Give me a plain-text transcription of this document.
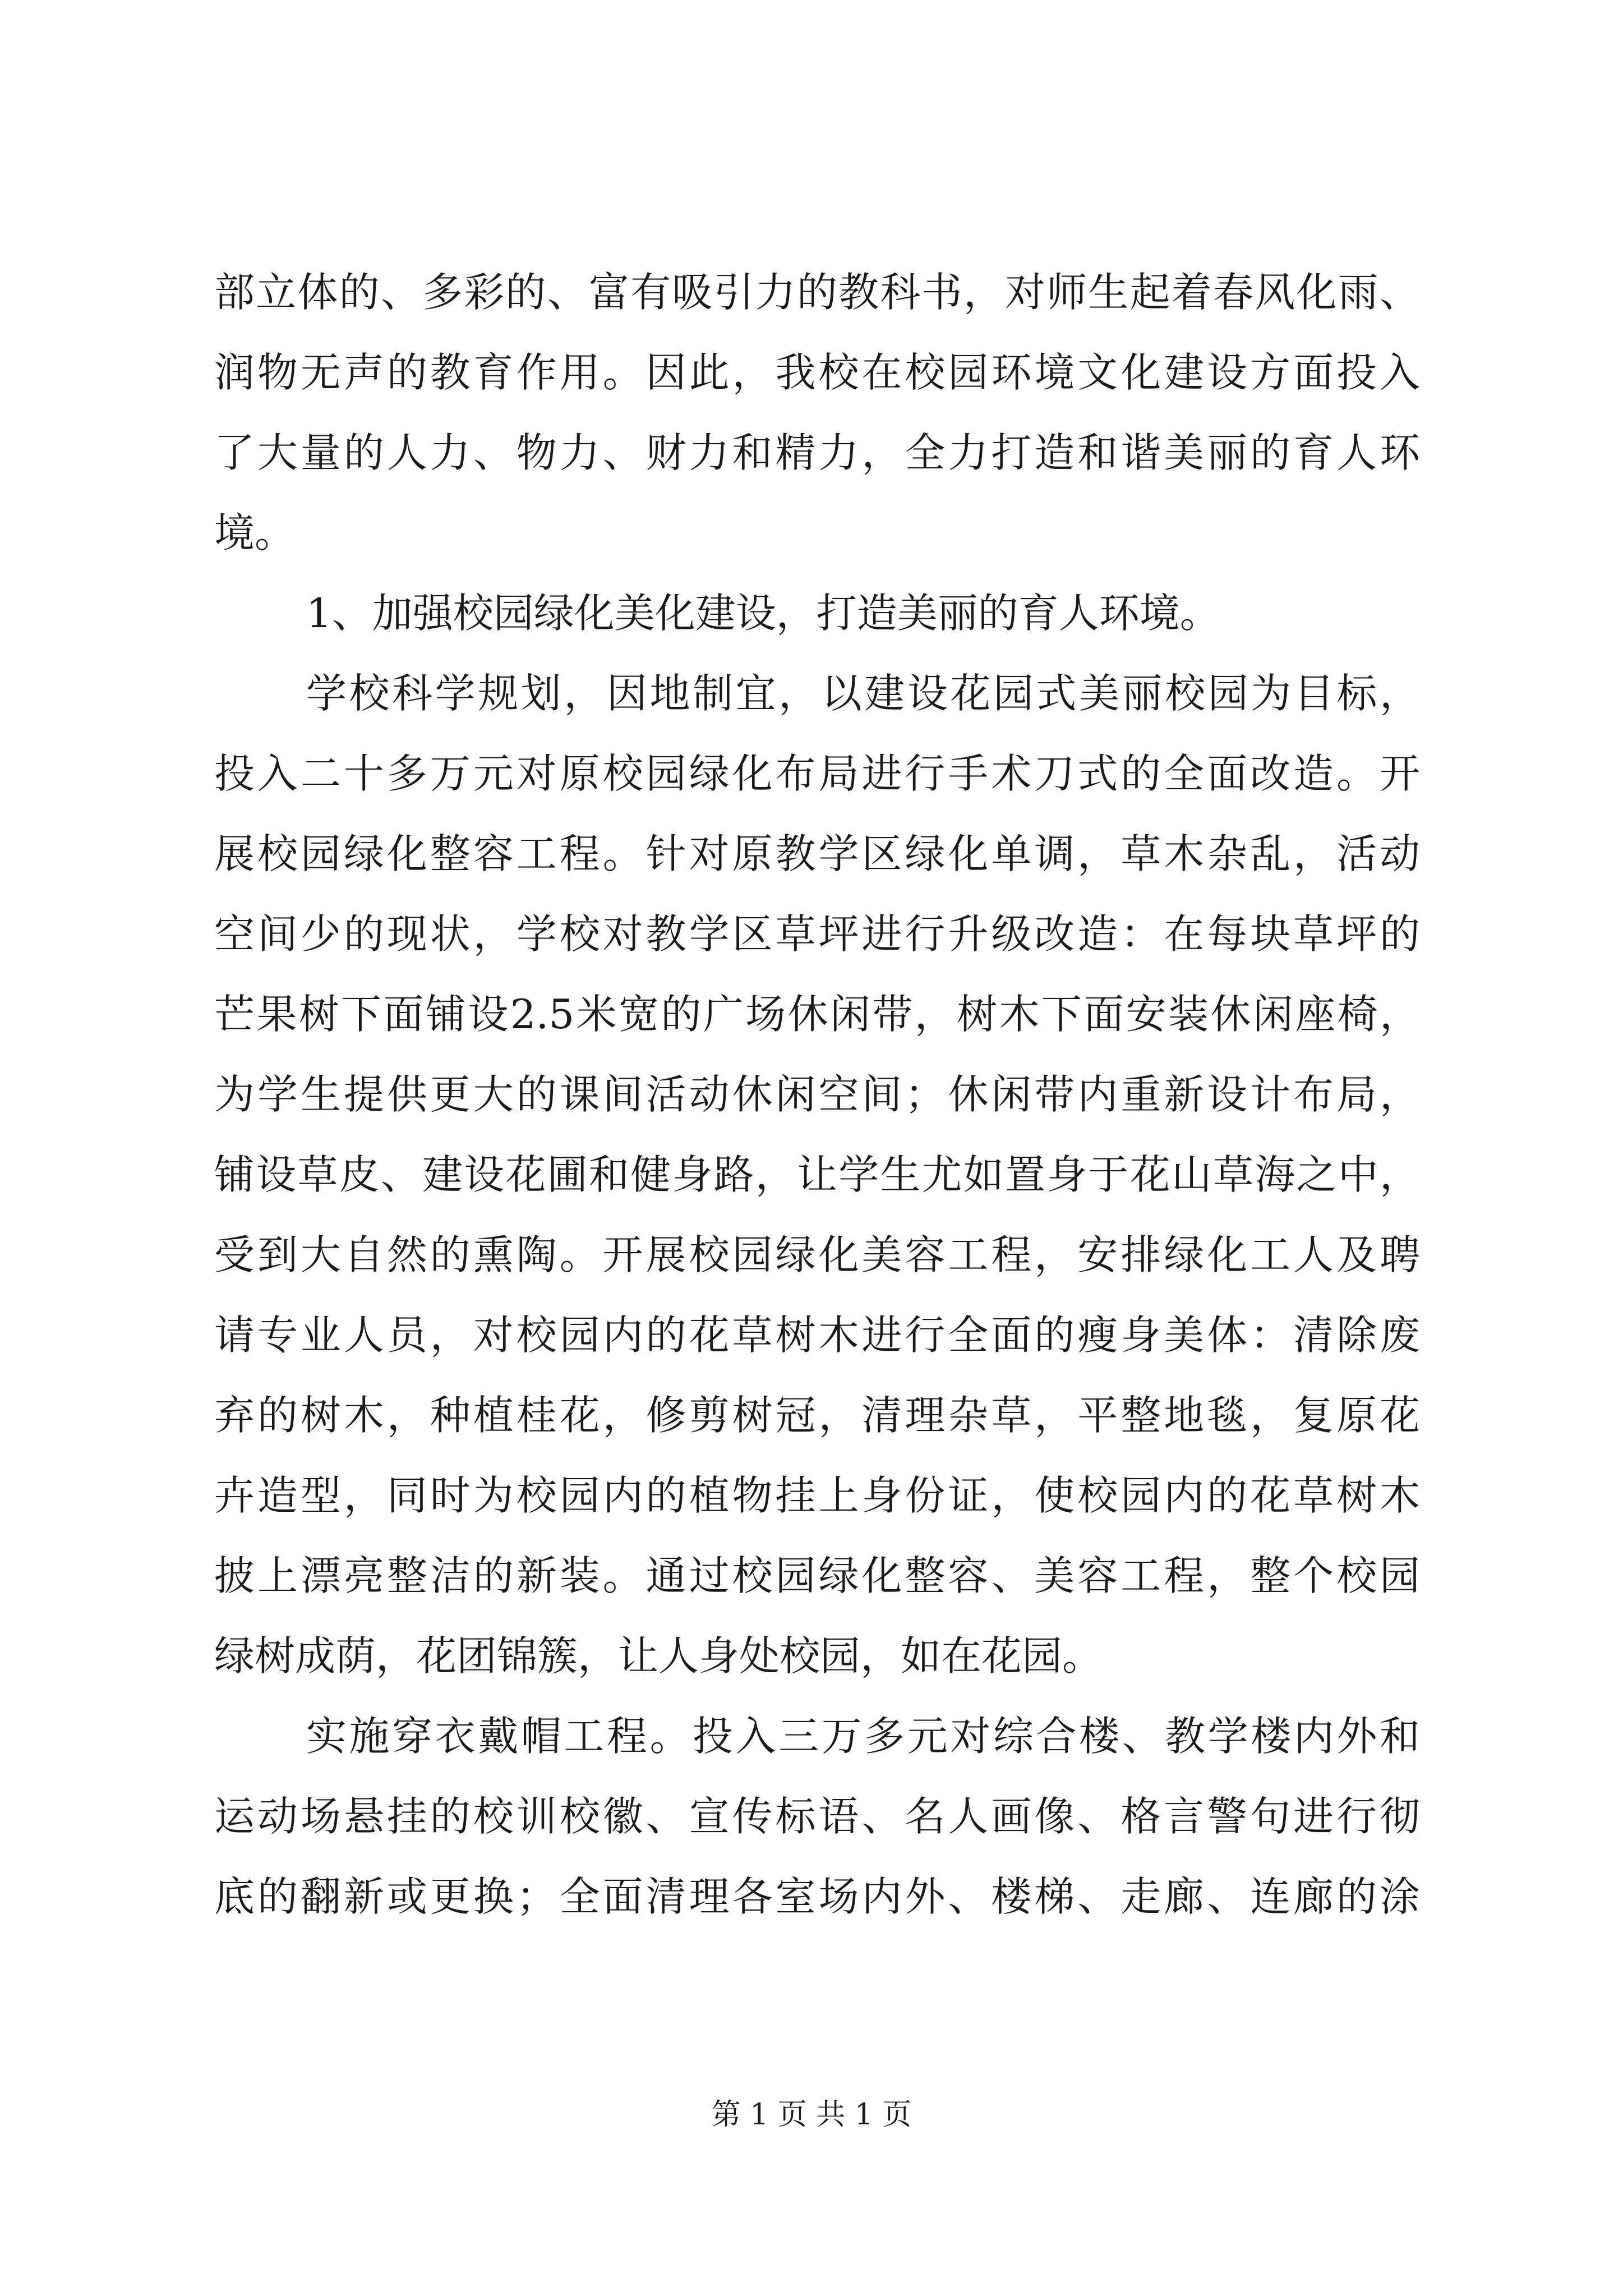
部立体的、多彩的、富有吸引力的教科书，对师生起着春风化雨、
润物无声的教育作用。因此，我校在校园环境文化建设方面投入
了大量的人力、物力、财力和精力，全力打造和谐美丽的育人环
境。
1、加强校园绿化美化建设，打造美丽的育人环境。
学校科学规划，因地制宜，以建设花园式美丽校园为目标，
投入二十多万元对原校园绿化布局进行手术刀式的全面改造。开
展校园绿化整容工程。针对原教学区绿化单调，草木杂乱，活动
空间少的现状，学校对教学区草坪进行升级改造：在每块草坪的
芒果树下面铺设2.5米宽的广场休闲带，树木下面安装休闲座椅，
为学生提供更大的课间活动休闲空间；休闲带内重新设计布局，
铺设草皮、建设花圃和健身路，让学生尤如置身于花山草海之中，
受到大自然的熏陶。开展校园绿化美容工程，安排绿化工人及聘
请专业人员，对校园内的花草树木进行全面的瘦身美体：清除废
弃的树木，种植桂花，修剪树冠，清理杂草，平整地毯，复原花
卉造型，同时为校园内的植物挂上身份证，使校园内的花草树木
披上漂亮整洁的新装。通过校园绿化整容、美容工程，整个校园
绿树成荫，花团锦簇，让人身处校园，如在花园。
实施穿衣戴帽工程。投入三万多元对综合楼、教学楼内外和
运动场悬挂的校训校徽、宣传标语、名人画像、格言警句进行彻
底的翻新或更换；全面清理各室场内外、楼梯、走廊、连廊的涂
第 1 页 共 1 页
